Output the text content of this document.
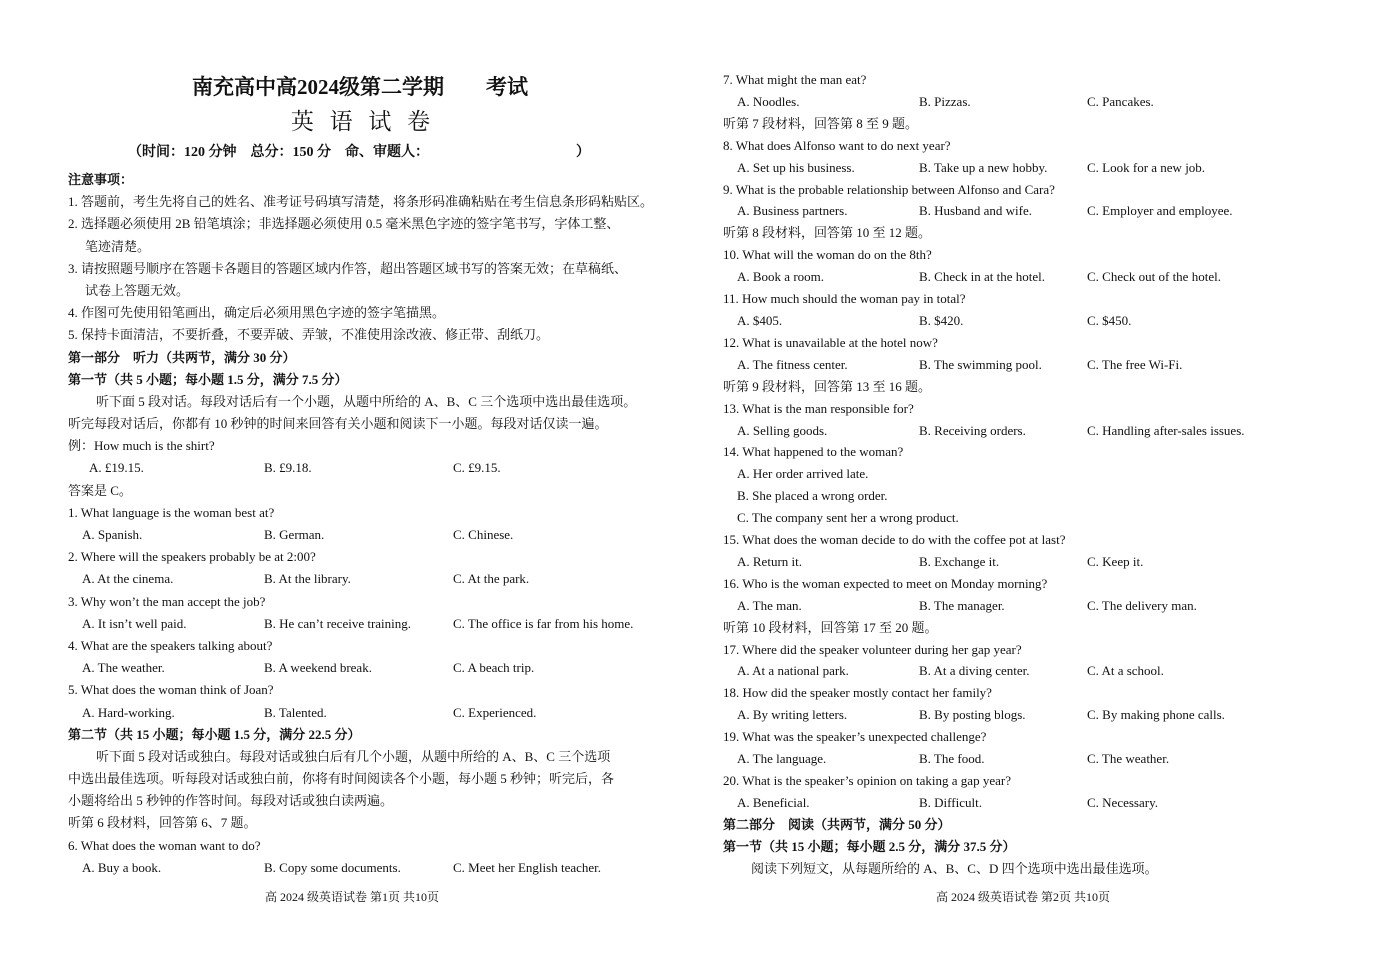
南充高中高2024级第二学期　　考试
英 语 试 卷
（时间：120 分钟　总分：150 分　命、审题人：　　　　　　　　　　　）
注意事项：
1. 答题前，考生先将自己的姓名、准考证号码填写清楚，将条形码准确粘贴在考生信息条形码粘贴区。
2. 选择题必须使用 2B 铅笔填涂；非选择题必须使用 0.5 毫米黑色字迹的签字笔书写，字体工整、
笔迹清楚。
3. 请按照题号顺序在答题卡各题目的答题区域内作答，超出答题区域书写的答案无效；在草稿纸、
试卷上答题无效。
4. 作图可先使用铅笔画出，确定后必须用黑色字迹的签字笔描黑。
5. 保持卡面清洁，不要折叠，不要弄破、弄皱，不准使用涂改液、修正带、刮纸刀。
第一部分　听力（共两节，满分 30 分）
第一节（共 5 小题；每小题 1.5 分，满分 7.5 分）
听下面 5 段对话。每段对话后有一个小题，从题中所给的 A、B、C 三个选项中选出最佳选项。
听完每段对话后，你都有 10 秒钟的时间来回答有关小题和阅读下一小题。每段对话仅读一遍。
例：How much is the shirt?
A. £19.15.	B. £9.18.	C. £9.15.
答案是 C。
1. What language is the woman best at?
A. Spanish.	B. German.	C. Chinese.
2. Where will the speakers probably be at 2:00?
A. At the cinema.	B. At the library.	C. At the park.
3. Why won’t the man accept the job?
A. It isn’t well paid.	B. He can’t receive training.	C. The office is far from his home.
4. What are the speakers talking about?
A. The weather.	B. A weekend break.	C. A beach trip.
5. What does the woman think of Joan?
A. Hard-working.	B. Talented.	C. Experienced.
第二节（共 15 小题；每小题 1.5 分，满分 22.5 分）
听下面 5 段对话或独白。每段对话或独白后有几个小题，从题中所给的 A、B、C 三个选项
中选出最佳选项。听每段对话或独白前，你将有时间阅读各个小题，每小题 5 秒钟；听完后，各
小题将给出 5 秒钟的作答时间。每段对话或独白读两遍。
听第 6 段材料，回答第 6、7 题。
6. What does the woman want to do?
A. Buy a book.	B. Copy some documents.	C. Meet her English teacher.
7. What might the man eat?
A. Noodles.	B. Pizzas.	C. Pancakes.
听第 7 段材料，回答第 8 至 9 题。
8. What does Alfonso want to do next year?
A. Set up his business.	B. Take up a new hobby.	C. Look for a new job.
9. What is the probable relationship between Alfonso and Cara?
A. Business partners.	B. Husband and wife.	C. Employer and employee.
听第 8 段材料，回答第 10 至 12 题。
10. What will the woman do on the 8th?
A. Book a room.	B. Check in at the hotel.	C. Check out of the hotel.
11. How much should the woman pay in total?
A. $405.	B. $420.	C. $450.
12. What is unavailable at the hotel now?
A. The fitness center.	B. The swimming pool.	C. The free Wi-Fi.
听第 9 段材料，回答第 13 至 16 题。
13. What is the man responsible for?
A. Selling goods.	B. Receiving orders.	C. Handling after-sales issues.
14. What happened to the woman?
A. Her order arrived late.
B. She placed a wrong order.
C. The company sent her a wrong product.
15. What does the woman decide to do with the coffee pot at last?
A. Return it.	B. Exchange it.	C. Keep it.
16. Who is the woman expected to meet on Monday morning?
A. The man.	B. The manager.	C. The delivery man.
听第 10 段材料，回答第 17 至 20 题。
17. Where did the speaker volunteer during her gap year?
A. At a national park.	B. At a diving center.	C. At a school.
18. How did the speaker mostly contact her family?
A. By writing letters.	B. By posting blogs.	C. By making phone calls.
19. What was the speaker’s unexpected challenge?
A. The language.	B. The food.	C. The weather.
20. What is the speaker’s opinion on taking a gap year?
A. Beneficial.	B. Difficult.	C. Necessary.
第二部分　阅读（共两节，满分 50 分）
第一节（共 15 小题；每小题 2.5 分，满分 37.5 分）
阅读下列短文，从每题所给的 A、B、C、D 四个选项中选出最佳选项。
高 2024 级英语试卷 第1页 共10页	高 2024 级英语试卷 第2页 共10页
